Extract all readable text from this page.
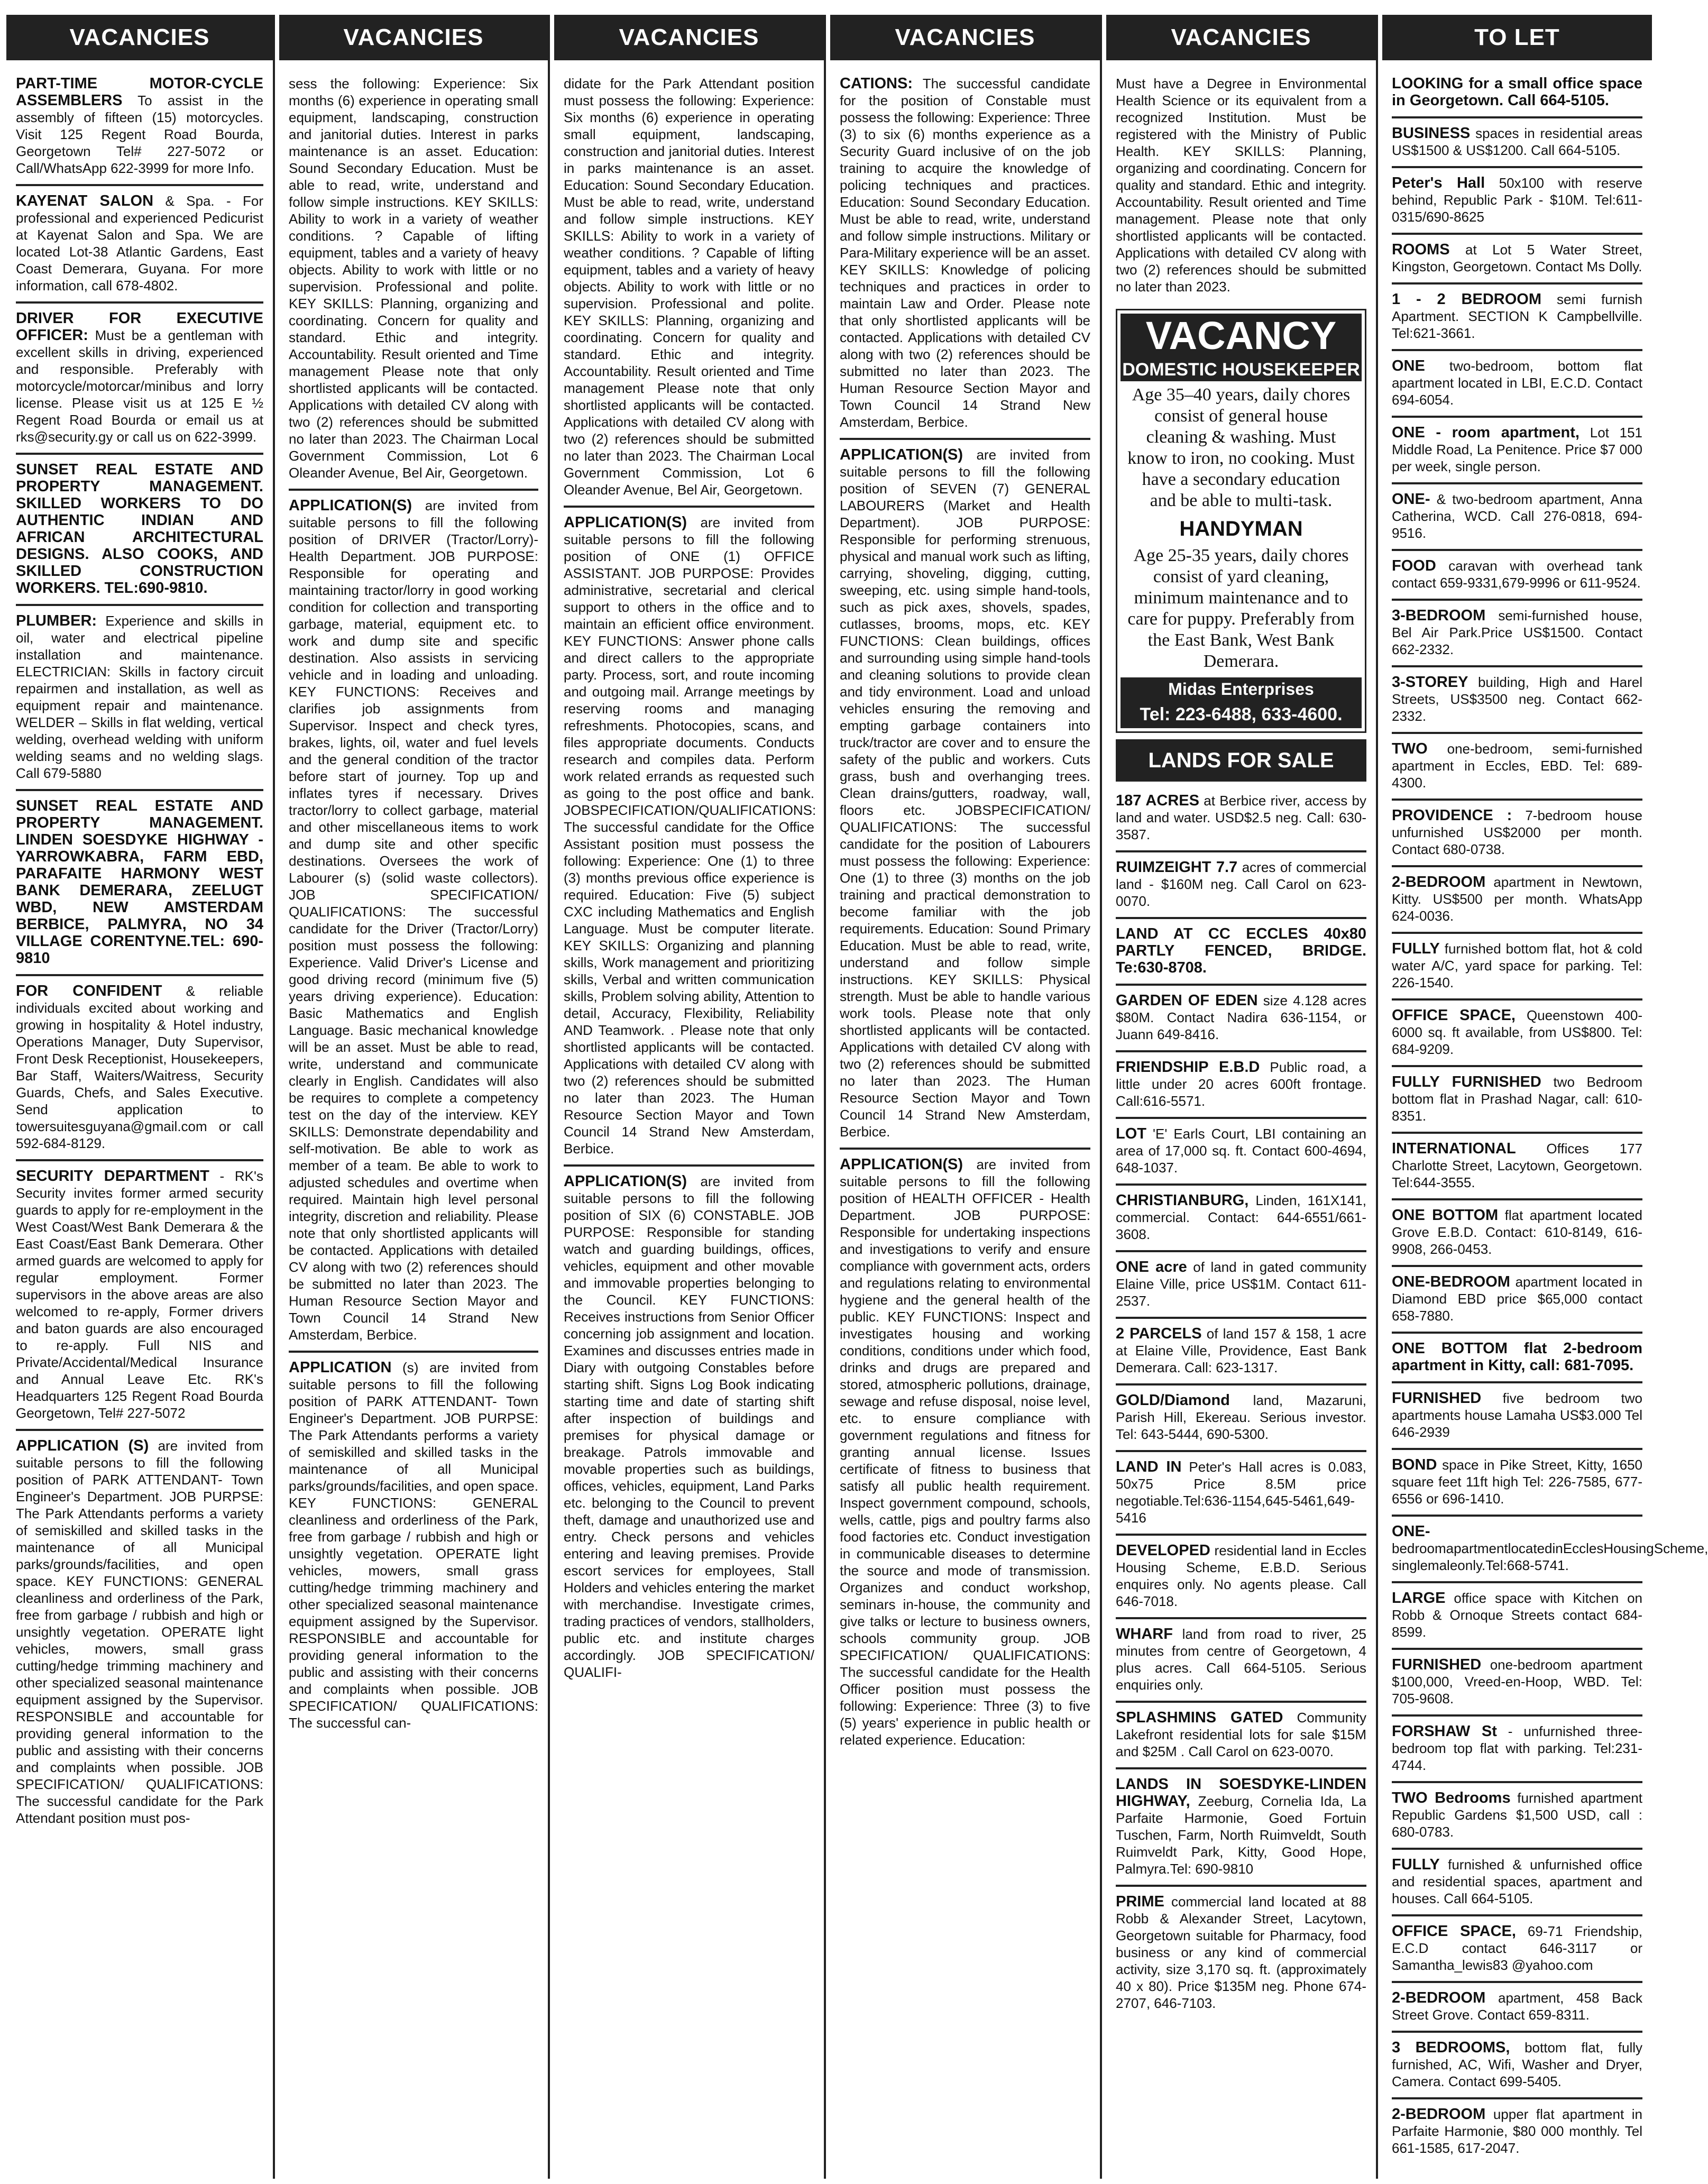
VACANCIES
PART-TIME MOTOR-CYCLE ASSEMBLERS To assist in the assembly of fifteen (15) motorcycles. Visit 125 Regent Road Bourda, Georgetown Tel# 227-5072 or Call/WhatsApp 622-3999 for more Info.
KAYENAT SALON & Spa. - For professional and experienced Pedicurist at Kayenat Salon and Spa. We are located Lot-38 Atlantic Gardens, East Coast Demerara, Guyana. For more information, call 678-4802.
DRIVER FOR EXECUTIVE OFFICER: Must be a gentleman with excellent skills in driving, experienced and responsible. Preferably with motorcycle/motorcar/minibus and lorry license. Please visit us at 125 E ½ Regent Road Bourda or email us at rks@security.gy or call us on 622-3999.
SUNSET REAL ESTATE AND PROPERTY MANAGEMENT. SKILLED WORKERS TO DO AUTHENTIC INDIAN AND AFRICAN ARCHITECTURAL DESIGNS. ALSO COOKS, AND SKILLED CONSTRUCTION WORKERS. TEL:690-9810.
PLUMBER: Experience and skills in oil, water and electrical pipeline installation and maintenance. ELECTRICIAN: Skills in factory circuit repairmen and installation, as well as equipment repair and maintenance. WELDER – Skills in flat welding, vertical welding, overhead welding with uniform welding seams and no welding slags. Call 679-5880
SUNSET REAL ESTATE AND PROPERTY MANAGEMENT. LINDEN SOESDYKE HIGHWAY - YARROWKABRA, FARM EBD, PARAFAITE HARMONY WEST BANK DEMERARA, ZEELUGT WBD, NEW AMSTERDAM BERBICE, PALMYRA, NO 34 VILLAGE CORENTYNE.TEL: 690-9810
FOR CONFIDENT & reliable individuals excited about working and growing in hospitality & Hotel industry, Operations Manager, Duty Supervisor, Front Desk Receptionist, Housekeepers, Bar Staff, Waiters/Waitress, Security Guards, Chefs, and Sales Executive. Send application to towersuitesguyana@gmail.com or call 592-684-8129.
SECURITY DEPARTMENT - RK's Security invites former armed security guards to apply for re-employment in the West Coast/West Bank Demerara & the East Coast/East Bank Demerara. Other armed guards are welcomed to apply for regular employment. Former supervisors in the above areas are also welcomed to re-apply, Former drivers and baton guards are also encouraged to re-apply. Full NIS and Private/Accidental/Medical Insurance and Annual Leave Etc. RK's Headquarters 125 Regent Road Bourda Georgetown, Tel# 227-5072
APPLICATION (S) are invited from suitable persons to fill the following position of PARK ATTENDANT- Town Engineer's Department. JOB PURPSE: The Park Attendants performs a variety of semiskilled and skilled tasks in the maintenance of all Municipal parks/grounds/facilities, and open space. KEY FUNCTIONS: GENERAL cleanliness and orderliness of the Park, free from garbage / rubbish and high or unsightly vegetation. OPERATE light vehicles, mowers, small grass cutting/hedge trimming machinery and other specialized seasonal maintenance equipment assigned by the Supervisor. RESPONSIBLE and accountable for providing general information to the public and assisting with their concerns and complaints when possible. JOB SPECIFICATION/ QUALIFICATIONS: The successful candidate for the Park Attendant position must pos-
VACANCIES
sess the following: Experience: Six months (6) experience in operating small equipment, landscaping, construction and janitorial duties. Interest in parks maintenance is an asset. Education: Sound Secondary Education. Must be able to read, write, understand and follow simple instructions. KEY SKILLS: Ability to work in a variety of weather conditions. ? Capable of lifting equipment, tables and a variety of heavy objects. Ability to work with little or no supervision. Professional and polite. KEY SKILLS: Planning, organizing and coordinating. Concern for quality and standard. Ethic and integrity. Accountability. Result oriented and Time management Please note that only shortlisted applicants will be contacted. Applications with detailed CV along with two (2) references should be submitted no later than 2023. The Chairman Local Government Commission, Lot 6 Oleander Avenue, Bel Air, Georgetown.
APPLICATION(S) are invited from suitable persons to fill the following position of DRIVER (Tractor/Lorry)-Health Department. JOB PURPOSE: Responsible for operating and maintaining tractor/lorry in good working condition for collection and transporting garbage, material, equipment etc. to work and dump site and specific destination. Also assists in servicing vehicle and in loading and unloading. KEY FUNCTIONS: Receives and clarifies job assignments from Supervisor. Inspect and check tyres, brakes, lights, oil, water and fuel levels and the general condition of the tractor before start of journey. Top up and inflates tyres if necessary. Drives tractor/lorry to collect garbage, material and other miscellaneous items to work and dump site and other specific destinations. Oversees the work of Labourer (s) (solid waste collectors). JOB SPECIFICATION/ QUALIFICATIONS: The successful candidate for the Driver (Tractor/Lorry) position must possess the following: Experience. Valid Driver's License and good driving record (minimum five (5) years driving experience). Education: Basic Mathematics and English Language. Basic mechanical knowledge will be an asset. Must be able to read, write, understand and communicate clearly in English. Candidates will also be requires to complete a competency test on the day of the interview. KEY SKILLS: Demonstrate dependability and self-motivation. Be able to work as member of a team. Be able to work to adjusted schedules and overtime when required. Maintain high level personal integrity, discretion and reliability. Please note that only shortlisted applicants will be contacted. Applications with detailed CV along with two (2) references should be submitted no later than 2023. The Human Resource Section Mayor and Town Council 14 Strand New Amsterdam, Berbice.
APPLICATION (s) are invited from suitable persons to fill the following position of PARK ATTENDANT- Town Engineer's Department. JOB PURPSE: The Park Attendants performs a variety of semiskilled and skilled tasks in the maintenance of all Municipal parks/grounds/facilities, and open space. KEY FUNCTIONS: GENERAL cleanliness and orderliness of the Park, free from garbage / rubbish and high or unsightly vegetation. OPERATE light vehicles, mowers, small grass cutting/hedge trimming machinery and other specialized seasonal maintenance equipment assigned by the Supervisor. RESPONSIBLE and accountable for providing general information to the public and assisting with their concerns and complaints when possible. JOB SPECIFICATION/ QUALIFICATIONS: The successful can-
VACANCIES
didate for the Park Attendant position must possess the following: Experience: Six months (6) experience in operating small equipment, landscaping, construction and janitorial duties. Interest in parks maintenance is an asset. Education: Sound Secondary Education. Must be able to read, write, understand and follow simple instructions. KEY SKILLS: Ability to work in a variety of weather conditions. ? Capable of lifting equipment, tables and a variety of heavy objects. Ability to work with little or no supervision. Professional and polite. KEY SKILLS: Planning, organizing and coordinating. Concern for quality and standard. Ethic and integrity. Accountability. Result oriented and Time management Please note that only shortlisted applicants will be contacted. Applications with detailed CV along with two (2) references should be submitted no later than 2023. The Chairman Local Government Commission, Lot 6 Oleander Avenue, Bel Air, Georgetown.
APPLICATION(S) are invited from suitable persons to fill the following position of ONE (1) OFFICE ASSISTANT. JOB PURPOSE: Provides administrative, secretarial and clerical support to others in the office and to maintain an efficient office environment. KEY FUNCTIONS: Answer phone calls and direct callers to the appropriate party. Process, sort, and route incoming and outgoing mail. Arrange meetings by reserving rooms and managing refreshments. Photocopies, scans, and files appropriate documents. Conducts research and compiles data. Perform work related errands as requested such as going to the post office and bank. JOBSPECIFICATION/QUALIFICATIONS: The successful candidate for the Office Assistant position must possess the following: Experience: One (1) to three (3) months previous office experience is required. Education: Five (5) subject CXC including Mathematics and English Language. Must be computer literate. KEY SKILLS: Organizing and planning skills, Work management and prioritizing skills, Verbal and written communication skills, Problem solving ability, Attention to detail, Accuracy, Flexibility, Reliability AND Teamwork. . Please note that only shortlisted applicants will be contacted. Applications with detailed CV along with two (2) references should be submitted no later than 2023. The Human Resource Section Mayor and Town Council 14 Strand New Amsterdam, Berbice.
APPLICATION(S) are invited from suitable persons to fill the following position of SIX (6) CONSTABLE. JOB PURPOSE: Responsible for standing watch and guarding buildings, offices, vehicles, equipment and other movable and immovable properties belonging to the Council. KEY FUNCTIONS: Receives instructions from Senior Officer concerning job assignment and location. Examines and discusses entries made in Diary with outgoing Constables before starting shift. Signs Log Book indicating starting time and date of starting shift after inspection of buildings and premises for physical damage or breakage. Patrols immovable and movable properties such as buildings, offices, vehicles, equipment, Land Parks etc. belonging to the Council to prevent theft, damage and unauthorized use and entry. Check persons and vehicles entering and leaving premises. Provide escort services for employees, Stall Holders and vehicles entering the market with merchandise. Investigate crimes, trading practices of vendors, stallholders, public etc. and institute charges accordingly. JOB SPECIFICATION/ QUALIFI-
VACANCIES
CATIONS: The successful candidate for the position of Constable must possess the following: Experience: Three (3) to six (6) months experience as a Security Guard inclusive of on the job training to acquire the knowledge of policing techniques and practices. Education: Sound Secondary Education. Must be able to read, write, understand and follow simple instructions. Military or Para-Military experience will be an asset. KEY SKILLS: Knowledge of policing techniques and practices in order to maintain Law and Order. Please note that only shortlisted applicants will be contacted. Applications with detailed CV along with two (2) references should be submitted no later than 2023. The Human Resource Section Mayor and Town Council 14 Strand New Amsterdam, Berbice.
APPLICATION(S) are invited from suitable persons to fill the following position of SEVEN (7) GENERAL LABOURERS (Market and Health Department). JOB PURPOSE: Responsible for performing strenuous, physical and manual work such as lifting, carrying, shoveling, digging, cutting, sweeping, etc. using simple hand-tools, such as pick axes, shovels, spades, cutlasses, brooms, mops, etc. KEY FUNCTIONS: Clean buildings, offices and surrounding using simple hand-tools and cleaning solutions to provide clean and tidy environment. Load and unload vehicles ensuring the removing and empting garbage containers into truck/tractor are cover and to ensure the safety of the public and workers. Cuts grass, bush and overhanging trees. Clean drains/gutters, roadway, wall, floors etc. JOBSPECIFICATION/ QUALIFICATIONS: The successful candidate for the position of Labourers must possess the following: Experience: One (1) to three (3) months on the job training and practical demonstration to become familiar with the job requirements. Education: Sound Primary Education. Must be able to read, write, understand and follow simple instructions. KEY SKILLS: Physical strength. Must be able to handle various work tools. Please note that only shortlisted applicants will be contacted. Applications with detailed CV along with two (2) references should be submitted no later than 2023. The Human Resource Section Mayor and Town Council 14 Strand New Amsterdam, Berbice.
APPLICATION(S) are invited from suitable persons to fill the following position of HEALTH OFFICER - Health Department. JOB PURPOSE: Responsible for undertaking inspections and investigations to verify and ensure compliance with government acts, orders and regulations relating to environmental hygiene and the general health of the public. KEY FUNCTIONS: Inspect and investigates housing and working conditions, conditions under which food, drinks and drugs are prepared and stored, atmospheric pollutions, drainage, sewage and refuse disposal, noise level, etc. to ensure compliance with government regulations and fitness for granting annual license. Issues certificate of fitness to business that satisfy all public health requirement. Inspect government compound, schools, wells, cattle, pigs and poultry farms also food factories etc. Conduct investigation in communicable diseases to determine the source and mode of transmission. Organizes and conduct workshop, seminars in-house, the community and give talks or lecture to business owners, schools community group. JOB SPECIFICATION/ QUALIFICATIONS: The successful candidate for the Health Officer position must possess the following: Experience: Three (3) to five (5) years' experience in public health or related experience. Education:
VACANCIES
Must have a Degree in Environmental Health Science or its equivalent from a recognized Institution. Must be registered with the Ministry of Public Health. KEY SKILLS: Planning, organizing and coordinating. Concern for quality and standard. Ethic and integrity. Accountability. Result oriented and Time management. Please note that only shortlisted applicants will be contacted. Applications with detailed CV along with two (2) references should be submitted no later than 2023.
VACANCY
DOMESTIC HOUSEKEEPER

Age 35–40 years, daily chores consist of general house cleaning & washing. Must know to iron, no cooking. Must have a secondary education and be able to multi-task.

HANDYMAN

Age 25-35 years, daily chores consist of yard cleaning, minimum maintenance and to care for puppy. Preferably from the East Bank, West Bank Demerara.

Midas Enterprises
Tel: 223-6488, 633-4600.
LANDS FOR SALE
187 ACRES at Berbice river, access by land and water. USD$2.5 neg. Call: 630-3587.
RUIMZEIGHT 7.7 acres of commercial land - $160M neg. Call Carol on 623-0070.
LAND AT CC ECCLES 40x80 PARTLY FENCED, BRIDGE. Te:630-8708.
GARDEN OF EDEN size 4.128 acres $80M. Contact Nadira 636-1154, or Juann 649-8416.
FRIENDSHIP E.B.D Public road, a little under 20 acres 600ft frontage. Call:616-5571.
LOT 'E' Earls Court, LBI containing an area of 17,000 sq. ft. Contact 600-4694, 648-1037.
CHRISTIANBURG, Linden, 161X141, commercial. Contact: 644-6551/661-3608.
ONE acre of land in gated community Elaine Ville, price US$1M. Contact 611-2537.
2 PARCELS of land 157 & 158, 1 acre at Elaine Ville, Providence, East Bank Demerara. Call: 623-1317.
GOLD/Diamond land, Mazaruni, Parish Hill, Ekereau. Serious investor. Tel: 643-5444, 690-5300.
LAND IN Peter's Hall acres is 0.083, 50x75 Price 8.5M price negotiable.Tel:636-1154,645-5461,649-5416
DEVELOPED residential land in Eccles Housing Scheme, E.B.D. Serious enquires only. No agents please. Call 646-7018.
WHARF land from road to river, 25 minutes from centre of Georgetown, 4 plus acres. Call 664-5105. Serious enquiries only.
SPLASHMINS GATED Community Lakefront residential lots for sale $15M and $25M . Call Carol on 623-0070.
LANDS IN SOESDYKE-LINDEN HIGHWAY, Zeeburg, Cornelia Ida, La Parfaite Harmonie, Goed Fortuin Tuschen, Farm, North Ruimveldt, South Ruimveldt Park, Kitty, Good Hope, Palmyra.Tel: 690-9810
PRIME commercial land located at 88 Robb & Alexander Street, Lacytown, Georgetown suitable for Pharmacy, food business or any kind of commercial activity, size 3,170 sq. ft. (approximately 40 x 80). Price $135M neg. Phone 674-2707, 646-7103.
TO LET
LOOKING for a small office space in Georgetown. Call 664-5105.
BUSINESS spaces in residential areas US$1500 & US$1200. Call 664-5105.
Peter's Hall 50x100 with reserve behind, Republic Park - $10M. Tel:611-0315/690-8625
ROOMS at Lot 5 Water Street, Kingston, Georgetown. Contact Ms Dolly.
1 - 2 BEDROOM semi furnish Apartment. SECTION K Campbellville. Tel:621-3661.
ONE two-bedroom, bottom flat apartment located in LBI, E.C.D. Contact 694-6054.
ONE - room apartment, Lot 151 Middle Road, La Penitence. Price $7 000 per week, single person.
ONE- & two-bedroom apartment, Anna Catherina, WCD. Call 276-0818, 694-9516.
FOOD caravan with overhead tank contact 659-9331,679-9996 or 611-9524.
3-BEDROOM semi-furnished house, Bel Air Park.Price US$1500. Contact 662-2332.
3-STOREY building, High and Harel Streets, US$3500 neg. Contact 662-2332.
TWO one-bedroom, semi-furnished apartment in Eccles, EBD. Tel: 689-4300.
PROVIDENCE : 7-bedroom house unfurnished US$2000 per month. Contact 680-0738.
2-BEDROOM apartment in Newtown, Kitty. US$500 per month. WhatsApp 624-0036.
FULLY furnished bottom flat, hot & cold water A/C, yard space for parking. Tel: 226-1540.
OFFICE SPACE, Queenstown 400-6000 sq. ft available, from US$800. Tel: 684-9209.
FULLY FURNISHED two Bedroom bottom flat in Prashad Nagar, call: 610-8351.
INTERNATIONAL Offices 177 Charlotte Street, Lacytown, Georgetown. Tel:644-3555.
ONE BOTTOM flat apartment located Grove E.B.D. Contact: 610-8149, 616-9908, 266-0453.
ONE-BEDROOM apartment located in Diamond EBD price $65,000 contact 658-7880.
ONE BOTTOM flat 2-bedroom apartment in Kitty, call: 681-7095.
FURNISHED five bedroom two apartments house Lamaha US$3.000 Tel 646-2939
BOND space in Pike Street, Kitty, 1650 square feet 11ft high Tel: 226-7585, 677-6556 or 696-1410.
ONE- bedroomapartmentlocatedinEcclesHousingScheme, singlemaleonly.Tel:668-5741.
LARGE office space with Kitchen on Robb & Ornoque Streets contact 684-8599.
FURNISHED one-bedroom apartment $100,000, Vreed-en-Hoop, WBD. Tel: 705-9608.
FORSHAW St - unfurnished three-bedroom top flat with parking. Tel:231-4744.
TWO Bedrooms furnished apartment Republic Gardens $1,500 USD, call : 680-0783.
FULLY furnished & unfurnished office and residential spaces, apartment and houses. Call 664-5105.
OFFICE SPACE, 69-71 Friendship, E.C.D contact 646-3117 or Samantha_lewis83 @yahoo.com
2-BEDROOM apartment, 458 Back Street Grove. Contact 659-8311.
3 BEDROOMS, bottom flat, fully furnished, AC, Wifi, Washer and Dryer, Camera. Contact 699-5405.
2-BEDROOM upper flat apartment in Parfaite Harmonie, $80 000 monthly. Tel 661-1585, 617-2047.
